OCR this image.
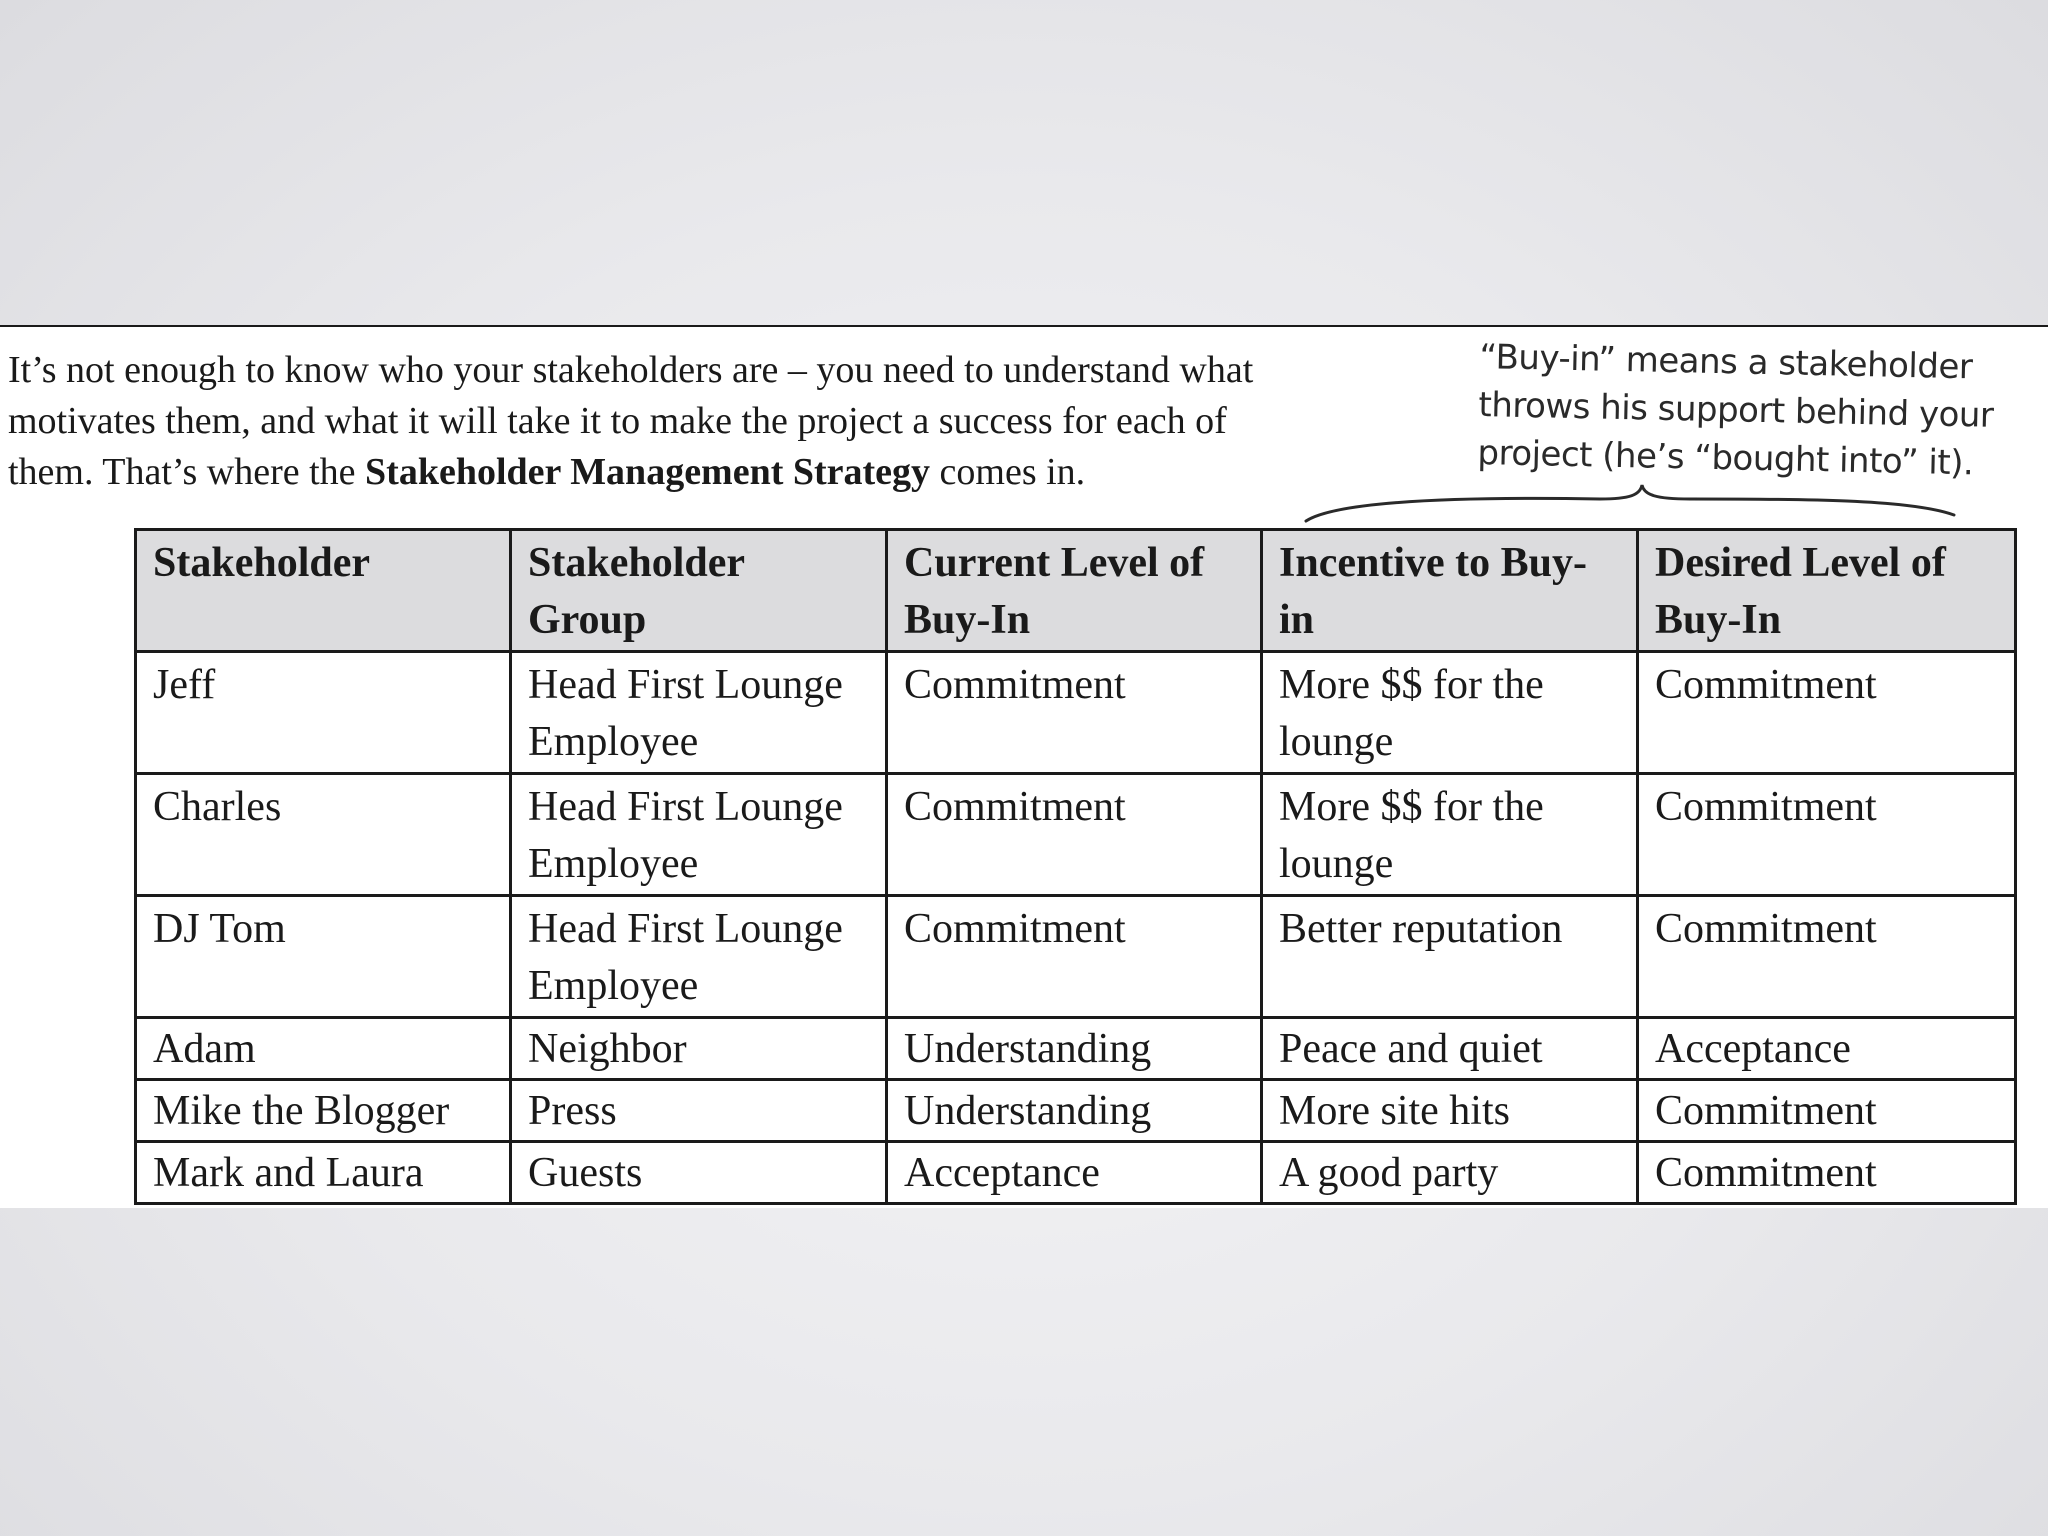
It’s not enough to know who your stakeholders are – you need to understand what
motivates them, and what it will take it to make the project a success for each of
them. That’s where the Stakeholder Management Strategy comes in.

“Buy-in” means a stakeholder
throws his support behind your
project (he’s “bought into” it).
Stakeholder	Stakeholder Group	Current Level of Buy-In	Incentive to Buy-in	Desired Level of Buy-In
Jeff	Head First Lounge Employee	Commitment	More $$ for the lounge	Commitment
Charles	Head First Lounge Employee	Commitment	More $$ for the lounge	Commitment
DJ Tom	Head First Lounge Employee	Commitment	Better reputation	Commitment
Adam	Neighbor	Understanding	Peace and quiet	Acceptance
Mike the Blogger	Press	Understanding	More site hits	Commitment
Mark and Laura	Guests	Acceptance	A good party	Commitment
